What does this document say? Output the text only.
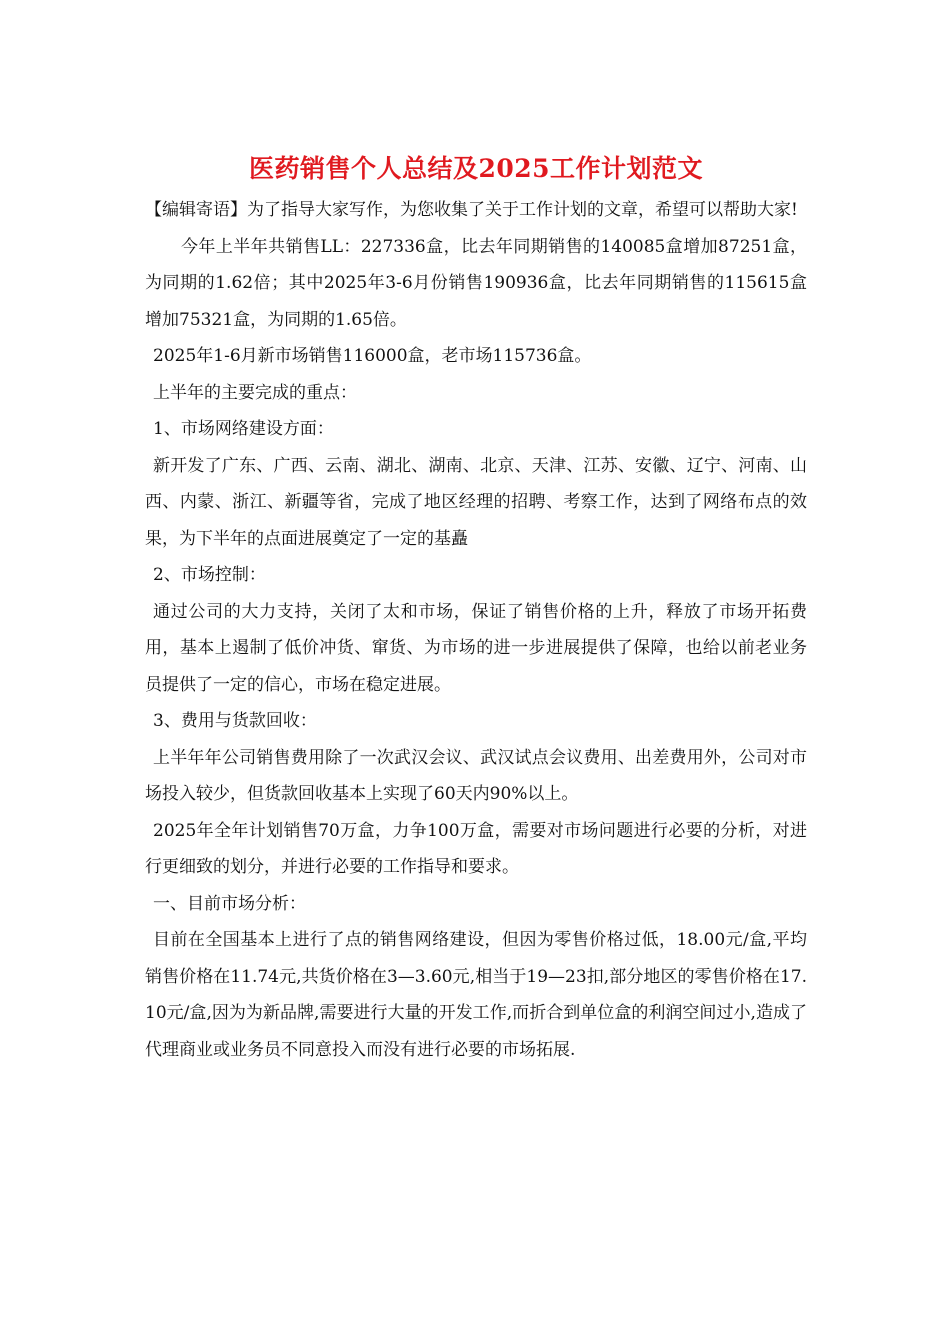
医药销售个人总结及2025工作计划范文

【编辑寄语】为了指导大家写作，为您收集了关于工作计划的文章，希望可以帮助大家!

今年上半年共销售LL：227336盒，比去年同期销售的140085盒增加87251盒，为同期的1.62倍；其中2025年3-6月份销售190936盒，比去年同期销售的115615盒增加75321盒，为同期的1.65倍。

2025年1-6月新市场销售116000盒，老市场115736盒。

上半年的主要完成的重点：

1、市场网络建设方面：

新开发了广东、广西、云南、湖北、湖南、北京、天津、江苏、安徽、辽宁、河南、山西、内蒙、浙江、新疆等省，完成了地区经理的招聘、考察工作，达到了网络布点的效果，为下半年的点面进展奠定了一定的基矗

2、市场控制：

通过公司的大力支持，关闭了太和市场，保证了销售价格的上升，释放了市场开拓费用，基本上遏制了低价冲货、窜货、为市场的进一步进展提供了保障，也给以前老业务员提供了一定的信心，市场在稳定进展。

3、费用与货款回收：

上半年年公司销售费用除了一次武汉会议、武汉试点会议费用、出差费用外，公司对市场投入较少，但货款回收基本上实现了60天内90%以上。

2025年全年计划销售70万盒，力争100万盒，需要对市场问题进行必要的分析，对进行更细致的划分，并进行必要的工作指导和要求。

一、目前市场分析：

目前在全国基本上进行了点的销售网络建设，但因为零售价格过低，18.00元/盒,平均销售价格在11.74元,共货价格在3—3.60元,相当于19—23扣,部分地区的零售价格在17.10元/盒,因为为新品牌,需要进行大量的开发工作,而折合到单位盒的利润空间过小,造成了代理商业或业务员不同意投入而没有进行必要的市场拓展.
